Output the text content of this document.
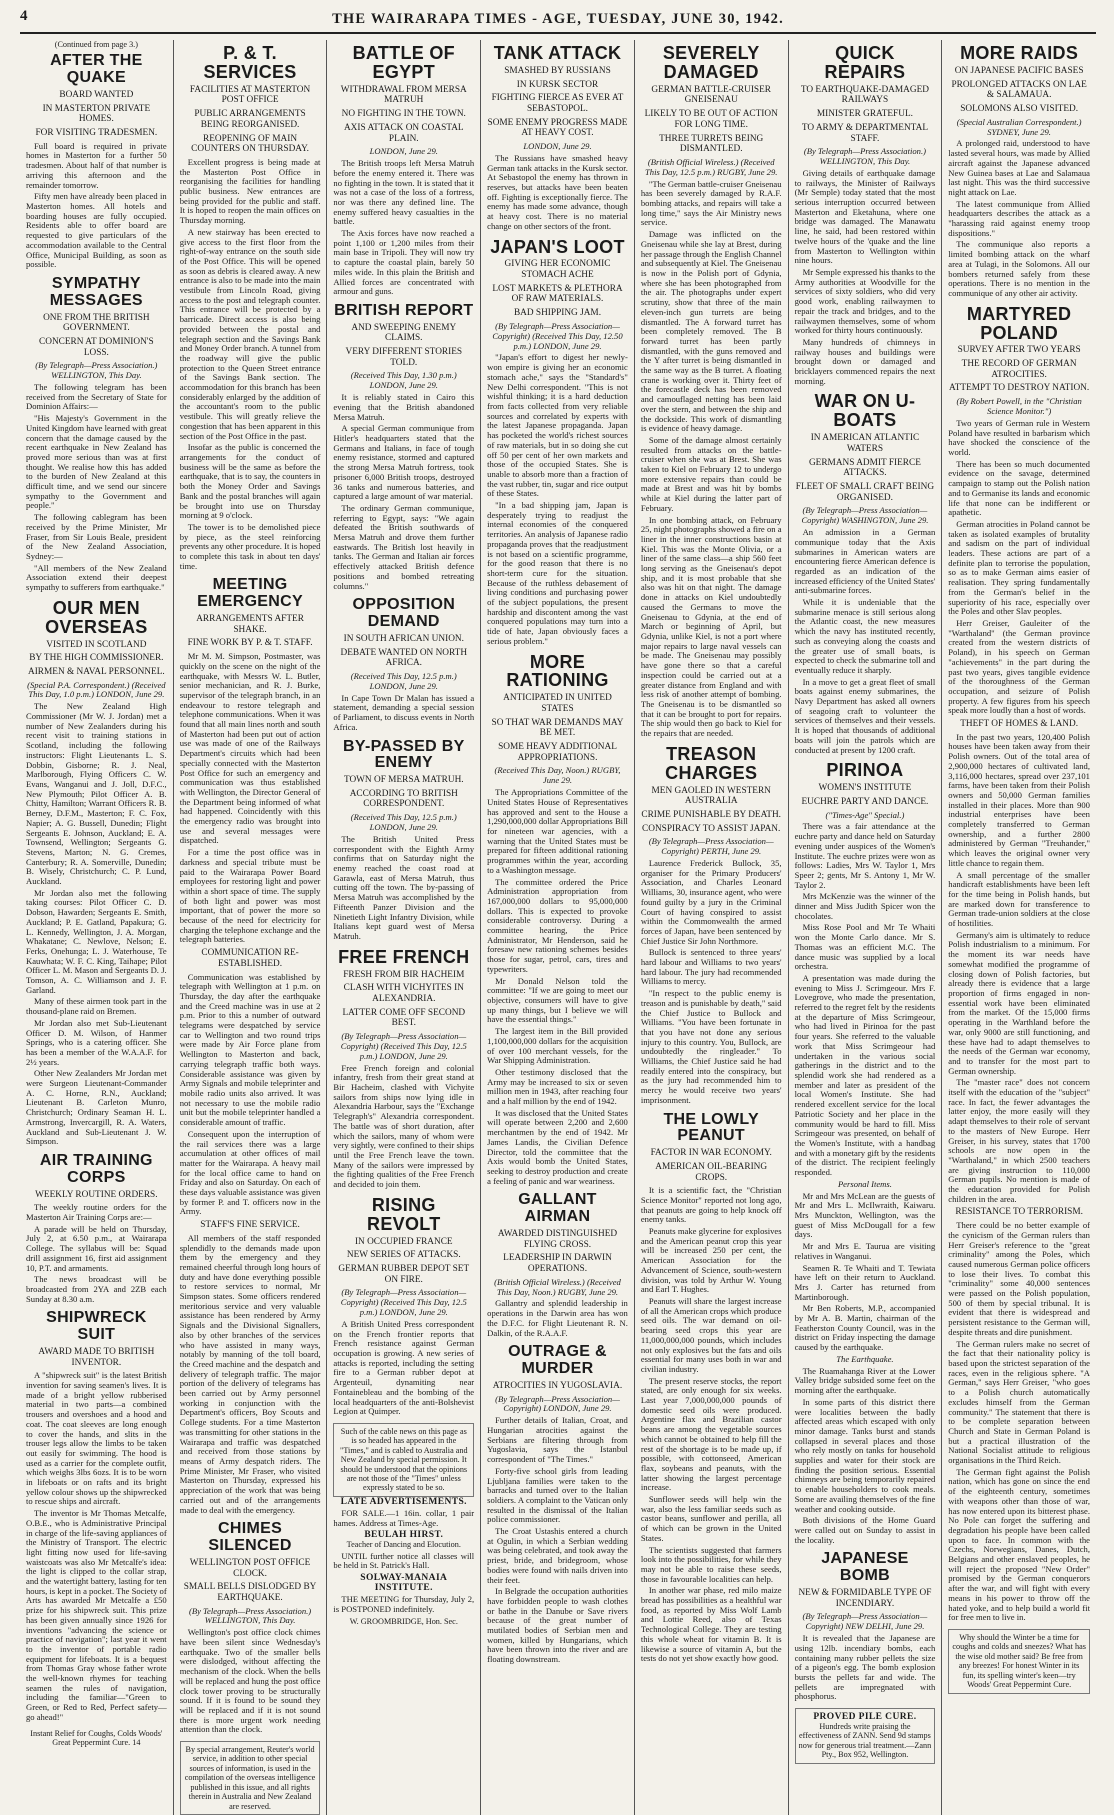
4	THE WAIRARAPA TIMES - AGE, TUESDAY, JUNE 30, 1942.
(Continued from page 3.)
AFTER THE QUAKE
BOARD WANTED
IN MASTERTON PRIVATE HOMES.
FOR VISITING TRADESMEN.

Full board is required in private homes in Masterton for a further 50 tradesmen. About half of that number is arriving this afternoon and the remainder tomorrow.

Fifty men have already been placed in Masterton homes. All hotels and boarding houses are fully occupied. Residents able to offer board are requested to give particulars of the accommodation available to the Central Office, Municipal Building, as soon as possible.

SYMPATHY MESSAGES
ONE FROM THE BRITISH GOVERNMENT.
CONCERN AT DOMINION'S LOSS.
(By Telegraph—Press Association.) WELLINGTON, This Day.

The following telegram has been received from the Secretary of State for Dominion Affairs:—

"His Majesty's Government in the United Kingdom have learned with great concern that the damage caused by the recent earthquake in New Zealand has proved more serious than was at first thought. We realise how this has added to the burden of New Zealand at this difficult time, and we send our sincere sympathy to the Government and people."

The following cablegram has been received by the Prime Minister, Mr Fraser, from Sir Louis Beale, president of the New Zealand Association, Sydney:—

"All members of the New Zealand Association extend their deepest sympathy to sufferers from earthquake."

OUR MEN OVERSEAS
VISITED IN SCOTLAND
BY THE HIGH COMMISSIONER.
AIRMEN & NAVAL PERSONNEL.
(Special P.A. Correspondent.) (Received This Day, 1.0 p.m.) LONDON, June 29.

The New Zealand High Commissioner (Mr W. J. Jordan) met a number of New Zealanders during his recent visit to training stations in Scotland, including the following instructors: Flight Lieutenants L. S. Dobbin, Gisborne; R. J. Neal, Marlborough, Flying Officers C. W. Evans, Wanganui and J. Joll, D.F.C., New Plymouth; Pilot Officer A. B. Chitty, Hamilton; Warrant Officers R. B. Berney, D.F.M., Masterton; F. C. Fox, Napier; A. G. Bussell, Dunedin; Flight Sergeants E. Johnson, Auckland; E. A. Townsend, Wellington; Sergeants G. Stevens, Marton; N. G. Cremes, Canterbury; R. A. Somerville, Dunedin; B. Wisely, Christchurch; C. P. Lund, Auckland.

Mr Jordan also met the following taking courses: Pilot Officer C. D. Dobson, Hawarden; Sergeants E. Smith, Auckland; P. E. Gatland, Papakura; G. L. Kennedy, Wellington, J. A. Morgan, Whakatane; C. Newlove, Nelson; E. Ferks, Onehunga; L. J. Waterhouse, Te Kauwhata; W. F. C. King, Taihape; Pilot Officer L. M. Mason and Sergeants D. J. Tomson, A. C. Williamson and J. F. Garland.

Many of these airmen took part in the thousand-plane raid on Bremen.

Mr Jordan also met Sub-Lieutenant Officer D. M. Wilson, of Hanmer Springs, who is a catering officer. She has been a member of the W.A.A.F. for 2½ years.

Other New Zealanders Mr Jordan met were Surgeon Lieutenant-Commander A. C. Horne, R.N., Auckland; Lieutenant B. Carleton Munro, Christchurch; Ordinary Seaman H. L. Armstrong, Invercargill, R. A. Waters, Auckland and Sub-Lieutenant J. W. Simpson.

AIR TRAINING CORPS
WEEKLY ROUTINE ORDERS.

The weekly routine orders for the Masterton Air Training Corps are:—

A parade will be held on Thursday, July 2, at 6.50 p.m., at Wairarapa College. The syllabus will be: Squad drill assignment 16, first aid assignment 10, P.T. and armaments.

The news broadcast will be broadcasted from 2YA and 2ZB each Sunday at 8.30 a.m.

SHIPWRECK SUIT
AWARD MADE TO BRITISH INVENTOR.

A "shipwreck suit" is the latest British invention for saving seamen's lives. It is made of a bright yellow rubberised material in two parts—a combined trousers and overshoes and a hood and coat. The coat sleeves are long enough to cover the hands, and slits in the trouser legs allow the limbs to be taken out easily for swimming. The hood is used as a carrier for the complete outfit, which weighs 3lbs 6ozs. It is to be worn in lifeboats or on rafts and its bright yellow colour shows up the shipwrecked to rescue ships and aircraft.

The inventor is Mr Thomas Metcalfe, O.B.E., who is Administrative Principal in charge of the life-saving appliances of the Ministry of Transport. The electric light fitting now used for life-saving waistcoats was also Mr Metcalfe's idea: the light is clipped to the collar strap, and the watertight battery, lasting for ten hours, is kept in a pocket. The Society of Arts has awarded Mr Metcalfe a £50 prize for his shipwreck suit. This prize has been given annually since 1926 for inventions "advancing the science or practice of navigation"; last year it went to the inventor of portable radio equipment for lifeboats. It is a bequest from Thomas Gray whose father wrote the well-known rhymes for teaching seamen the rules of navigation, including the familiar—"Green to Green, or Red to Red, Perfect safety—go ahead!"

Instant Relief for Coughs, Colds Woods' Great Peppermint Cure. 14
P. & T. SERVICES
FACILITIES AT MASTERTON POST OFFICE
PUBLIC ARRANGEMENTS BEING REORGANISED.
REOPENING OF MAIN COUNTERS ON THURSDAY.

Excellent progress is being made at the Masterton Post Office in reorganising the facilities for handling public business. New entrances are being provided for the public and staff. It is hoped to reopen the main offices on Thursday morning.

A new stairway has been erected to give access to the first floor from the right-of-way entrance on the south side of the Post Office. This will be opened as soon as debris is cleared away. A new entrance is also to be made into the main vestibule from Lincoln Road, giving access to the post and telegraph counter. This entrance will be protected by a barricade. Direct access is also being provided between the postal and telegraph section and the Savings Bank and Money Order branch. A tunnel from the roadway will give the public protection to the Queen Street entrance of the Savings Bank section. The accommodation for this branch has been considerably enlarged by the addition of the accountant's room to the public vestibule. This will greatly relieve the congestion that has been apparent in this section of the Post Office in the past.

Insofar as the public is concerned the arrangements for the conduct of business will be the same as before the earthquake, that is to say, the counters in both the Money Order and Savings Bank and the postal branches will again be brought into use on Thursday morning at 9 o'clock.

The tower is to be demolished piece by piece, as the steel reinforcing prevents any other procedure. It is hoped to complete this task in about ten days' time.

MEETING EMERGENCY
ARRANGEMENTS AFTER SHAKE.
FINE WORK BY P. & T. STAFF.

Mr M. M. Simpson, Postmaster, was quickly on the scene on the night of the earthquake, with Messrs W. L. Butler, senior mechanician, and R. J. Burke, supervisor of the telegraph branch, in an endeavour to restore telegraph and telephone communications. When it was found that all main lines north and south of Masterton had been put out of action use was made of one of the Railways Department's circuits which had been specially connected with the Masterton Post Office for such an emergency and communication was thus established with Wellington, the Director General of the Department being informed of what had happened. Coincidently with this the emergency radio was brought into use and several messages were dispatched.

For a time the post office was in darkness and special tribute must be paid to the Wairarapa Power Board employees for restoring light and power within a short space of time. The supply of both light and power was most important, that of power the more so because of the need for electricity for charging the telephone exchange and the telegraph batteries.

COMMUNICATION RE-ESTABLISHED.

Communication was established by telegraph with Wellington at 1 p.m. on Thursday, the day after the earthquake and the Creed machine was in use at 2 p.m. Prior to this a number of outward telegrams were despatched by service car to Wellington and two round trips were made by Air Force plane from Wellington to Masterton and back, carrying telegraph traffic both ways. Considerable assistance was given by Army Signals and mobile teleprinter and mobile radio units also arrived. It was not necessary to use the mobile radio unit but the mobile teleprinter handled a considerable amount of traffic.

Consequent upon the interruption of the rail services there was a large accumulation at other offices of mail matter for the Wairarapa. A heavy mail for the local office came to hand on Friday and also on Saturday. On each of these days valuable assistance was given by former P. and T. officers now in the Army.

STAFF'S FINE SERVICE.

All members of the staff responded splendidly to the demands made upon them by the emergency and they remained cheerful through long hours of duty and have done everything possible to restore services to normal, Mr Simpson states. Some officers rendered meritorious service and very valuable assistance has been rendered by Army Signals and the Divisional Signallers, also by other branches of the services who have assisted in many ways, notably by manning of the toll board, the Creed machine and the despatch and delivery of telegraph traffic. The major portion of the delivery of telegrams has been carried out by Army personnel working in conjunction with the Department's officers, Boy Scouts and College students. For a time Masterton was transmitting for other stations in the Wairarapa and traffic was despatched and received from those stations by means of Army despatch riders. The Prime Minister, Mr Fraser, who visited Masterton on Thursday, expressed his appreciation of the work that was being carried out and of the arrangements made to deal with the emergency.

CHIMES SILENCED
WELLINGTON POST OFFICE CLOCK.
SMALL BELLS DISLODGED BY EARTHQUAKE.
(By Telegraph—Press Association.) WELLINGTON, This Day.

Wellington's post office clock chimes have been silent since Wednesday's earthquake. Two of the smaller bells were dislodged, without affecting the mechanism of the clock. When the bells will be replaced and hung the post office clock tower proving to be structurally sound. If it is found to be sound they will be replaced and if it is not sound there is more urgent work needing attention than the clock.

By special arrangement, Reuter's world service, in addition to other special sources of information, is used in the compilation of the overseas intelligence published in this issue, and all rights therein in Australia and New Zealand are reserved.
BATTLE OF EGYPT
WITHDRAWAL FROM MERSA MATRUH
NO FIGHTING IN THE TOWN.
AXIS ATTACK ON COASTAL PLAIN.
LONDON, June 29.

The British troops left Mersa Matruh before the enemy entered it. There was no fighting in the town. It is stated that it was not a case of the loss of a fortress, nor was there any defined line. The enemy suffered heavy casualties in the battle.

The Axis forces have now reached a point 1,100 or 1,200 miles from their main base in Tripoli. They will now try to capture the coastal plain, barely 50 miles wide. In this plain the British and Allied forces are concentrated with armour and guns.

BRITISH REPORT
AND SWEEPING ENEMY CLAIMS.
VERY DIFFERENT STORIES TOLD.
(Received This Day, 1.30 p.m.) LONDON, June 29.

It is reliably stated in Cairo this evening that the British abandoned Mersa Matruh.

A special German communique from Hitler's headquarters stated that the Germans and Italians, in face of tough enemy resistance, stormed and captured the strong Mersa Matruh fortress, took prisoner 6,000 British troops, destroyed 36 tanks and numerous batteries, and captured a large amount of war material.

The ordinary German communique, referring to Egypt, says: "We again defeated the British southwards of Mersa Matruh and drove them further eastwards. The British lost heavily in tanks. The German and Italian air forces effectively attacked British defence positions and bombed retreating columns."

OPPOSITION DEMAND
IN SOUTH AFRICAN UNION.
DEBATE WANTED ON NORTH AFRICA.
(Received This Day, 12.5 p.m.) LONDON, June 29.

In Cape Town Dr Malan has issued a statement, demanding a special session of Parliament, to discuss events in North Africa.

BY-PASSED BY ENEMY
TOWN OF MERSA MATRUH.
ACCORDING TO BRITISH CORRESPONDENT.
(Received This Day, 12.5 p.m.) LONDON, June 29.

The British United Press correspondent with the Eighth Army confirms that on Saturday night the enemy reached the coast road at Garawla, east of Mersa Matruh, thus cutting off the town. The by-passing of Mersa Matruh was accomplished by the Fifteenth Panzer Division and the Ninetieth Light Infantry Division, while Italians kept guard west of Mersa Matruh.

FREE FRENCH
FRESH FROM BIR HACHEIM
CLASH WITH VICHYITES IN ALEXANDRIA.
LATTER COME OFF SECOND BEST.
(By Telegraph—Press Association—Copyright) (Received This Day, 12.5 p.m.) LONDON, June 29.

Free French foreign and colonial infantry, fresh from their great stand at Bir Hacheim, clashed with Vichyite sailors from ships now lying idle in Alexandria Harbour, says the "Exchange Telegraph's" Alexandria correspondent. The battle was of short duration, after which the sailors, many of whom were very sightly, were confined to their ships until the Free French leave the town. Many of the sailors were impressed by the fighting qualities of the Free French and decided to join them.

RISING REVOLT
IN OCCUPIED FRANCE
NEW SERIES OF ATTACKS.
GERMAN RUBBER DEPOT SET ON FIRE.
(By Telegraph—Press Association—Copyright) (Received This Day, 12.5 p.m.) LONDON, June 29.

A British United Press correspondent on the French frontier reports that French resistance against German occupation is growing. A new series of attacks is reported, including the setting fire to a German rubber depot at Argenteuil, dynamiting near Fontainebleau and the bombing of the local headquarters of the anti-Bolshevist Legion at Quimper.

Such of the cable news on this page as is so headed has appeared in the "Times," and is cabled to Australia and New Zealand by special permission. It should be understood that the opinions are not those of the "Times" unless expressly stated to be so.
LATE ADVERTISEMENTS.

FOR SALE.—1 16in. collar, 1 pair hames. Address at Times-Age.

BEULAH HIRST.
Teacher of Dancing and Elocution.

UNTIL further notice all classes will be held in St. Patrick's Hall.

SOLWAY-MANAIA INSTITUTE.

THE MEETING for Thursday, July 2, is POSTPONED indefinitely.

W. GROOMBRIDGE, Hon. Sec.
TANK ATTACK
SMASHED BY RUSSIANS
IN KURSK SECTOR
FIGHTING FIERCE AS EVER AT SEBASTOPOL.
SOME ENEMY PROGRESS MADE AT HEAVY COST.
LONDON, June 29.

The Russians have smashed heavy German tank attacks in the Kursk sector. At Sebastopol the enemy has thrown in reserves, but attacks have been beaten off. Fighting is exceptionally fierce. The enemy has made some advance, though at heavy cost. There is no material change on other sectors of the front.

JAPAN'S LOOT
GIVING HER ECONOMIC STOMACH ACHE
LOST MARKETS & PLETHORA OF RAW MATERIALS.
BAD SHIPPING JAM.
(By Telegraph—Press Association—Copyright) (Received This Day, 12.50 p.m.) LONDON, June 29.

"Japan's effort to digest her newly-won empire is giving her an economic stomach ache," says the "Standard's" New Delhi correspondent. "This is not wishful thinking; it is a hard deduction from facts collected from very reliable sources and correlated by experts with the latest Japanese propaganda. Japan has pocketed the world's richest sources of raw materials, but in so doing she cut off 50 per cent of her own markets and those of the occupied States. She is unable to absorb more than a fraction of the vast rubber, tin, sugar and rice output of these States.

"In a bad shipping jam, Japan is desperately trying to readjust the internal economies of the conquered territories. An analysis of Japanese radio propaganda proves that the readjustment is not based on a scientific programme, for the good reason that there is no short-term cure for the situation. Because of the ruthless debasement of living conditions and purchasing power of the subject populations, the present hardship and discontent among the vast conquered populations may turn into a tide of hate, Japan obviously faces a serious problem."

MORE RATIONING
ANTICIPATED IN UNITED STATES
SO THAT WAR DEMANDS MAY BE MET.
SOME HEAVY ADDITIONAL APPROPRIATIONS.
(Received This Day, Noon.) RUGBY, June 29.

The Appropriations Committee of the United States House of Representatives has approved and sent to the House a 1,290,000,000 dollar Appropriations Bill for nineteen war agencies, with a warning that the United States must be prepared for fifteen additional rationing programmes within the year, according to a Washington message.

The committee ordered the Price Administration appropriation from 167,000,000 dollars to 95,000,000 dollars. This is expected to provoke considerable controversy. During a committee hearing, the Price Administrator, Mr Henderson, said he foresaw new rationing schemes besides those for sugar, petrol, cars, tires and typewriters.

Mr Donald Nelson told the committee: "If we are going to meet our objective, consumers will have to give up many things, but I believe we will have the essential things."

The largest item in the Bill provided 1,100,000,000 dollars for the acquisition of over 100 merchant vessels, for the War Shipping Administration.

Other testimony disclosed that the Army may be increased to six or seven million men in 1943, after reaching four and a half million by the end of 1942.

It was disclosed that the United States will operate between 2,200 and 2,600 merchantmen by the end of 1942. Mr James Landis, the Civilian Defence Director, told the committee that the Axis would bomb the United States, seeking to destroy production and create a feeling of panic and war weariness.

GALLANT AIRMAN
AWARDED DISTINGUISHED FLYING CROSS.
LEADERSHIP IN DARWIN OPERATIONS.
(British Official Wireless.) (Received This Day, Noon.) RUGBY, June 29.

Gallantry and splendid leadership in operations in the Darwin area has won the D.F.C. for Flight Lieutenant R. N. Dalkin, of the R.A.A.F.

OUTRAGE & MURDER
ATROCITIES IN YUGOSLAVIA.
(By Telegraph—Press Association—Copyright) LONDON, June 29.

Further details of Italian, Croat, and Hungarian atrocities against the Serbians are filtering through from Yugoslavia, says the Istanbul correspondent of "The Times."

Forty-five school girls from leading Ljubljana families were taken to the barracks and turned over to the Italian soldiers. A complaint to the Vatican only resulted in the dismissal of the Italian police commissioner.

The Croat Ustashis entered a church at Ogulin, in which a Serbian wedding was being celebrated, and took away the priest, bride, and bridegroom, whose bodies were found with nails driven into their feet.

In Belgrade the occupation authorities have forbidden people to wash clothes or bathe in the Danube or Save rivers because of the great number of mutilated bodies of Serbian men and women, killed by Hungarians, which have been thrown into the river and are floating downstream.

SEVERELY DAMAGED
GERMAN BATTLE-CRUISER GNEISENAU
LIKELY TO BE OUT OF ACTION FOR LONG TIME.
THREE TURRETS BEING DISMANTLED.
(British Official Wireless.) (Received This Day, 12.5 p.m.) RUGBY, June 29.

"The German battle-cruiser Gneisenau has been severely damaged by R.A.F. bombing attacks, and repairs will take a long time," says the Air Ministry news service.

Damage was inflicted on the Gneisenau while she lay at Brest, during her passage through the English Channel and subsequently at Kiel. The Gneisenau is now in the Polish port of Gdynia, where she has been photographed from the air. The photographs under expert scrutiny, show that three of the main eleven-inch gun turrets are being dismantled. The A forward turret has been completely removed. The B forward turret has been partly dismantled, with the guns removed and the Y after turret is being dismantled in the same way as the B turret. A floating crane is working over it. Thirty feet of the forecastle deck has been removed and camouflaged netting has been laid over the stern, and between the ship and the dockside. This work of dismantling is evidence of heavy damage.

Some of the damage almost certainly resulted from attacks on the battle-cruiser when she was at Brest. She was taken to Kiel on February 12 to undergo more extensive repairs than could be made at Brest and was hit by bombs while at Kiel during the latter part of February.

In one bombing attack, on February 25, night photographs showed a fire on a liner in the inner constructions basin at Kiel. This was the Monte Olivia, or a liner of the same class—a ship 560 feet long serving as the Gneisenau's depot ship, and it is most probable that she also was hit on that night. The damage done in attacks on Kiel undoubtedly caused the Germans to move the Gneisenau to Gdynia, at the end of March or beginning of April, but Gdynia, unlike Kiel, is not a port where major repairs to large naval vessels can be made. The Gneisenau may possibly have gone there so that a careful inspection could be carried out at a greater distance from England and with less risk of another attempt of bombing. The Gneisenau is to be dismantled so that it can be brought to port for repairs. The ship would then go back to Kiel for the repairs that are needed.

TREASON CHARGES
MEN GAOLED IN WESTERN AUSTRALIA
CRIME PUNISHABLE BY DEATH.
CONSPIRACY TO ASSIST JAPAN.
(By Telegraph—Press Association—Copyright) PERTH, June 29.

Laurence Frederick Bullock, 35, organiser for the Primary Producers' Association, and Charles Leonard Williams, 30, insurance agent, who were found guilty by a jury in the Criminal Court of having conspired to assist within the Commonwealth the armed forces of Japan, have been sentenced by Chief Justice Sir John Northmore.

Bullock is sentenced to three years' hard labour and Williams to two years' hard labour. The jury had recommended Williams to mercy.

"In respect to the public enemy is treason and is punishable by death," said the Chief Justice to Bullock and Williams. "You have been fortunate in that you have not done any serious injury to this country. You, Bullock, are undoubtedly the ringleader." To Williams, the Chief Justice said he had readily entered into the conspiracy, but as the jury had recommended him to mercy he would receive two years' imprisonment.

THE LOWLY PEANUT
FACTOR IN WAR ECONOMY.
AMERICAN OIL-BEARING CROPS.

It is a scientific fact, the "Christian Science Monitor" reported not long ago, that peanuts are going to help knock off enemy tanks.

Peanuts make glycerine for explosives and the American peanut crop this year will be increased 250 per cent, the American Association for the Advancement of Science, south-western division, was told by Arthur W. Young and Earl T. Hughes.

Peanuts will share the largest increase of all the American crops which produce seed oils. The war demand on oil-bearing seed crops this year are 11,000,000,000 pounds, which includes not only explosives but the fats and oils essential for many uses both in war and civilian industry.

The present reserve stocks, the report stated, are only enough for six weeks. Last year 7,000,000,000 pounds of domestic seed oils were produced. Argentine flax and Brazilian castor beans are among the vegetable sources which cannot be obtained to help fill the rest of the shortage is to be made up, if possible, with cottonseed, American flax, soybeans and peanuts, with the latter showing the largest percentage increase.

Sunflower seeds will help win the war, also the less familiar seeds such as castor beans, sunflower and perilla, all of which can be grown in the United States.

The scientists suggested that farmers look into the possibilities, for while they may not be able to raise these seeds, those in favourable localities can help.

In another war phase, red milo maize bread has possibilities as a healthful war food, as reported by Miss Wolf Lamb and Lottie Reed, also of Texas Technological College. They are testing this whole wheat for vitamin B. It is likewise a source of vitamin A, but the tests do not yet show exactly how good.

QUICK REPAIRS
TO EARTHQUAKE-DAMAGED RAILWAYS
MINISTER GRATEFUL.
TO ARMY & DEPARTMENTAL STAFF.
(By Telegraph—Press Association.) WELLINGTON, This Day.

Giving details of earthquake damage to railways, the Minister of Railways (Mr Semple) today stated that the most serious interruption occurred between Masterton and Eketahuna, where one bridge was damaged. The Manawatu line, he said, had been restored within twelve hours of the 'quake and the line from Masterton to Wellington within nine hours.

Mr Semple expressed his thanks to the Army authorities at Woodville for the services of sixty soldiers, who did very good work, enabling railwaymen to repair the track and bridges, and to the railwaymen themselves, some of whom worked for thirty hours continuously.

Many hundreds of chimneys in railway houses and buildings were brought down or damaged and bricklayers commenced repairs the next morning.

WAR ON U-BOATS
IN AMERICAN ATLANTIC WATERS
GERMANS ADMIT FIERCE ATTACKS.
FLEET OF SMALL CRAFT BEING ORGANISED.
(By Telegraph—Press Association—Copyright) WASHINGTON, June 29.

An admission in a German communique today that the Axis submarines in American waters are encountering fierce American defence is regarded as an indication of the increased efficiency of the United States' anti-submarine forces.

While it is undeniable that the submarine menace is still serious along the Atlantic coast, the new measures which the navy has instituted recently, such as conveying along the coasts and the greater use of small boats, is expected to check the submarine toll and eventually reduce it sharply.

In a move to get a great fleet of small boats against enemy submarines, the Navy Department has asked all owners of seagoing craft to volunteer the services of themselves and their vessels. It is hoped that thousands of additional boats will join the patrols which are conducted at present by 1200 craft.

PIRINOA
WOMEN'S INSTITUTE
EUCHRE PARTY AND DANCE.
("Times-Age" Special.)

There was a fair attendance at the euchre party and dance held on Saturday evening under auspices of the Women's Institute. The euchre prizes were won as follows: Ladies, Mrs W. Taylor 1, Mrs Speer 2; gents, Mr S. Antony 1, Mr W. Taylor 2.

Mrs McKenzie was the winner of the dinner and Miss Judith Spicer won the chocolates.

Miss Rose Pool and Mr Te Whaiti won the Monte Carlo dance. Mr S. Thomas was an efficient M.C. The dance music was supplied by a local orchestra.

A presentation was made during the evening to Miss J. Scrimgeour. Mrs F. Lovegrove, who made the presentation, referred to the regret felt by the residents at the departure of Miss Scrimgeour, who had lived in Pirinoa for the past four years. She referred to the valuable work that Miss Scrimgeour had undertaken in the various social gatherings in the district and to the splendid work she had rendered as a member and later as president of the local Women's Institute. She had rendered excellent service for the local Patriotic Society and her place in the community would be hard to fill. Miss Scrimgeour was presented, on behalf of the Women's Institute, with a handbag and with a monetary gift by the residents of the district. The recipient feelingly responded.

Personal Items.

Mr and Mrs McLean are the guests of Mr and Mrs L. McIlwraith, Kaiwaru. Mrs Munckton, Wellington, was the guest of Miss McDougall for a few days.

Mr and Mrs E. Taurua are visiting relatives in Wanganui.

Seamen R. Te Whaiti and T. Tewiata have left on their return to Auckland. Mrs J. Carter has returned from Martinborough.

Mr Ben Roberts, M.P., accompanied by Mr A. B. Martin, chairman of the Featherston County Council, was in the district on Friday inspecting the damage caused by the earthquake.

The Earthquake.

The Ruamahanga River at the Lower Valley bridge subsided some feet on the morning after the earthquake.

In some parts of this district there were localities between the badly affected areas which escaped with only minor damage. Tanks burst and stands collapsed in several places and those who rely mostly on tanks for household supplies and water for their stock are finding the position serious. Essential chimneys are being temporarily repaired to enable householders to cook meals. Some are availing themselves of the fine weather and cooking outside.

Both divisions of the Home Guard were called out on Sunday to assist in the locality.

JAPANESE BOMB
NEW & FORMIDABLE TYPE OF INCENDIARY.
(By Telegraph—Press Association—Copyright) NEW DELHI, June 29.

It is revealed that the Japanese are using 12lb. incendiary bombs, each containing many rubber pellets the size of a pigeon's egg. The bomb explosion bursts the pellets far and wide. The pellets are impregnated with phosphorus.

PROVED PILE CURE.
Hundreds write praising the effectiveness of ZANN. Send 9d stamps now for generous trial treatment.—Zann Pty., Box 952, Wellington.
MORE RAIDS
ON JAPANESE PACIFIC BASES
PROLONGED ATTACKS ON LAE & SALAMAUA.
SOLOMONS ALSO VISITED.
(Special Australian Correspondent.) SYDNEY, June 29.

A prolonged raid, understood to have lasted several hours, was made by Allied aircraft against the Japanese advanced New Guinea bases at Lae and Salamaua last night. This was the third successive night attack on Lae.

The latest communique from Allied headquarters describes the attack as a "harassing raid against enemy troop dispositions."

The communique also reports a limited bombing attack on the wharf area at Tulagi, in the Solomons. All our bombers returned safely from these operations. There is no mention in the communique of any other air activity.

MARTYRED POLAND
SURVEY AFTER TWO YEARS
THE RECORD OF GERMAN ATROCITIES.
ATTEMPT TO DESTROY NATION.
(By Robert Powell, in the "Christian Science Monitor.")

Two years of German rule in Western Poland have resulted in barbarism which have shocked the conscience of the world.

There has been so much documented evidence on the savage, determined campaign to stamp out the Polish nation and to Germanise its lands and economic life that none can be indifferent or apathetic.

German atrocities in Poland cannot be taken as isolated examples of brutality and sadism on the part of individual leaders. These actions are part of a definite plan to terrorise the population, so as to make German aims easier of realisation. They spring fundamentally from the German's belief in the superiority of his race, especially over the Poles and other Slav peoples.

Herr Greiser, Gauleiter of the "Warthaland" (the German province created from the western districts of Poland), in his speech on German "achievements" in the part during the past two years, gives tangible evidence of the thoroughness of the German occupation, and seizure of Polish property. A few figures from his speech speak more loudly than a host of words.

THEFT OF HOMES & LAND.

In the past two years, 120,400 Polish houses have been taken away from their Polish owners. Out of the total area of 2,900,000 hectares of cultivated land, 3,116,000 hectares, spread over 237,101 farms, have been taken from their Polish owners and 50,000 German families installed in their places. More than 900 industrial enterprises have been completely transferred to German ownership, and a further 2800 administered by German "Treuhander," which leaves the original owner very little chance to regain them.

A small percentage of the smaller handicraft establishments have been left for the time being in Polish hands, but are marked down for transference to German trade-union soldiers at the close of hostilities.

Germany's aim is ultimately to reduce Polish industrialism to a minimum. For the moment its war needs have somewhat modified the programme of closing down of Polish factories, but already there is evidence that a large proportion of firms engaged in non-essential work have been eliminated from the market. Of the 15,000 firms operating in the Warthland before the war, only 9000 are still functioning, and these have had to adapt themselves to the needs of the German war economy, and to transfer for the most part to German ownership.

The "master race" does not concern itself with the education of the "subject" race. In fact, the fewer advantages the latter enjoy, the more easily will they adapt themselves to their role of servant to the masters of New Europe. Herr Greiser, in his survey, states that 1700 schools are now open in the "Warthaland," in which 2500 teachers are giving instruction to 110,000 German pupils. No mention is made of the education provided for Polish children in the area.

RESISTANCE TO TERRORISM.

There could be no better example of the cynicism of the German rulers than Herr Greiser's reference to the "great criminality" among the Poles, which caused numerous German police officers to lose their lives. To combat this "criminality" some 40,000 sentences were passed on the Polish population, 500 of them by special tribunal. It is evident that there is widespread and persistent resistance to the German will, despite threats and dire punishment.

The German rulers make no secret of the fact that their nationality policy is based upon the strictest separation of the races, even in the religious sphere. "A German," says Herr Greiser, "who goes to a Polish church automatically excludes himself from the German community." The statement that there is to be complete separation between Church and State in German Poland is but a practical illustration of the National Socialist attitude to religious organisations in the Third Reich.

The German fight against the Polish nation, which has gone on since the end of the eighteenth century, sometimes with weapons other than those of war, has now entered upon its bitterest phase. No Pole can forget the suffering and degradation his people have been called upon to face. In common with the Czechs, Norwegians, Danes, Dutch, Belgians and other enslaved peoples, he will reject the proposed "New Order" promised by the German conquerors after the war, and will fight with every means in his power to throw off the hated yoke, and to help build a world fit for free men to live in.

Why should the Winter be a time for coughs and colds and sneezes? What has the wise old mother said? Be free from any breezes! For honest Winter in its fun, its spelling winter's keen—try Woods' Great Peppermint Cure.
